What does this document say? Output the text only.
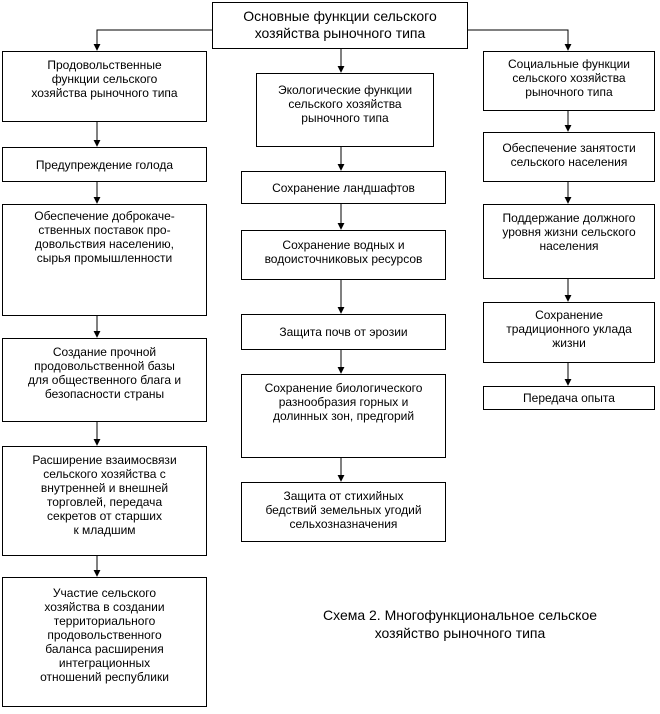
Основные функции сельского
хозяйства рыночного типа
Продовольственные
функции сельского
хозяйства рыночного типа
Предупреждение голода
Обеспечение доброкаче-
ственных поставок про-
довольствия населению,
сырья промышленности
Создание прочной
продовольственной базы
для общественного блага и
безопасности страны
Расширение взаимосвязи
сельского хозяйства с
внутренней и внешней
торговлей, передача
секретов от старших
к младшим
Участие сельского
хозяйства в создании
территориального
продовольственного
баланса расширения
интеграционных
отношений республики
Экологические функции
сельского хозяйства
рыночного типа
Сохранение ландшафтов
Сохранение водных и
водоисточниковых ресурсов
Защита почв от эрозии
Сохранение биологического
разнообразия горных и
долинных зон, предгорий
Защита от стихийных
бедствий земельных угодий
сельхозназначения
Социальные функции
сельского хозяйства
рыночного типа
Обеспечение занятости
сельского населения
Поддержание должного
уровня жизни сельского
населения
Сохранение
традиционного уклада
жизни
Передача опыта
Схема 2. Многофункциональное сельское
хозяйство рыночного типа
